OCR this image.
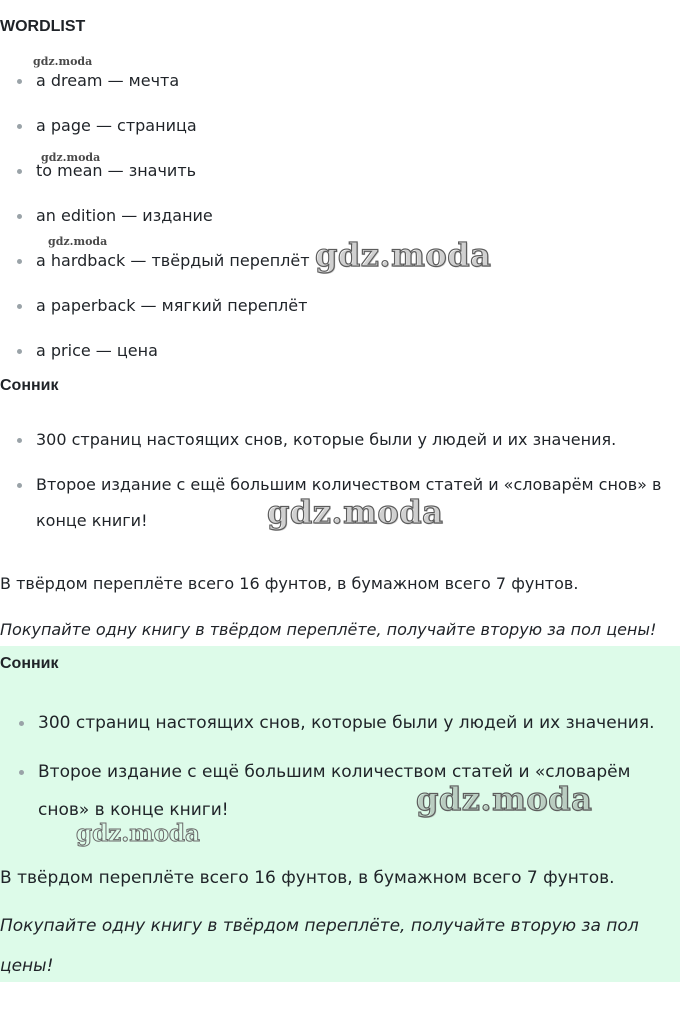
WORDLIST
a dream — мечта
a page — страница
to mean — значить
an edition — издание
a hardback — твёрдый переплёт
a paperback — мягкий переплёт
a price — цена
Сонник
300 страниц настоящих снов, которые были у людей и их значения.
Второе издание с ещё большим количеством статей и «словарём снов» в
конце книги!

В твёрдом переплёте всего 16 фунтов, в бумажном всего 7 фунтов.

Покупайте одну книгу в твёрдом переплёте, получайте вторую за пол цены!

Сонник
300 страниц настоящих снов, которые были у людей и их значения.
Второе издание с ещё большим количеством статей и «словарём
снов» в конце книги!

В твёрдом переплёте всего 16 фунтов, в бумажном всего 7 фунтов.

Покупайте одну книгу в твёрдом переплёте, получайте вторую за пол

цены!

gdz.moda
gdz.moda
gdz.moda	gdz.moda
gdz.moda
gdz.moda
gdz.moda
